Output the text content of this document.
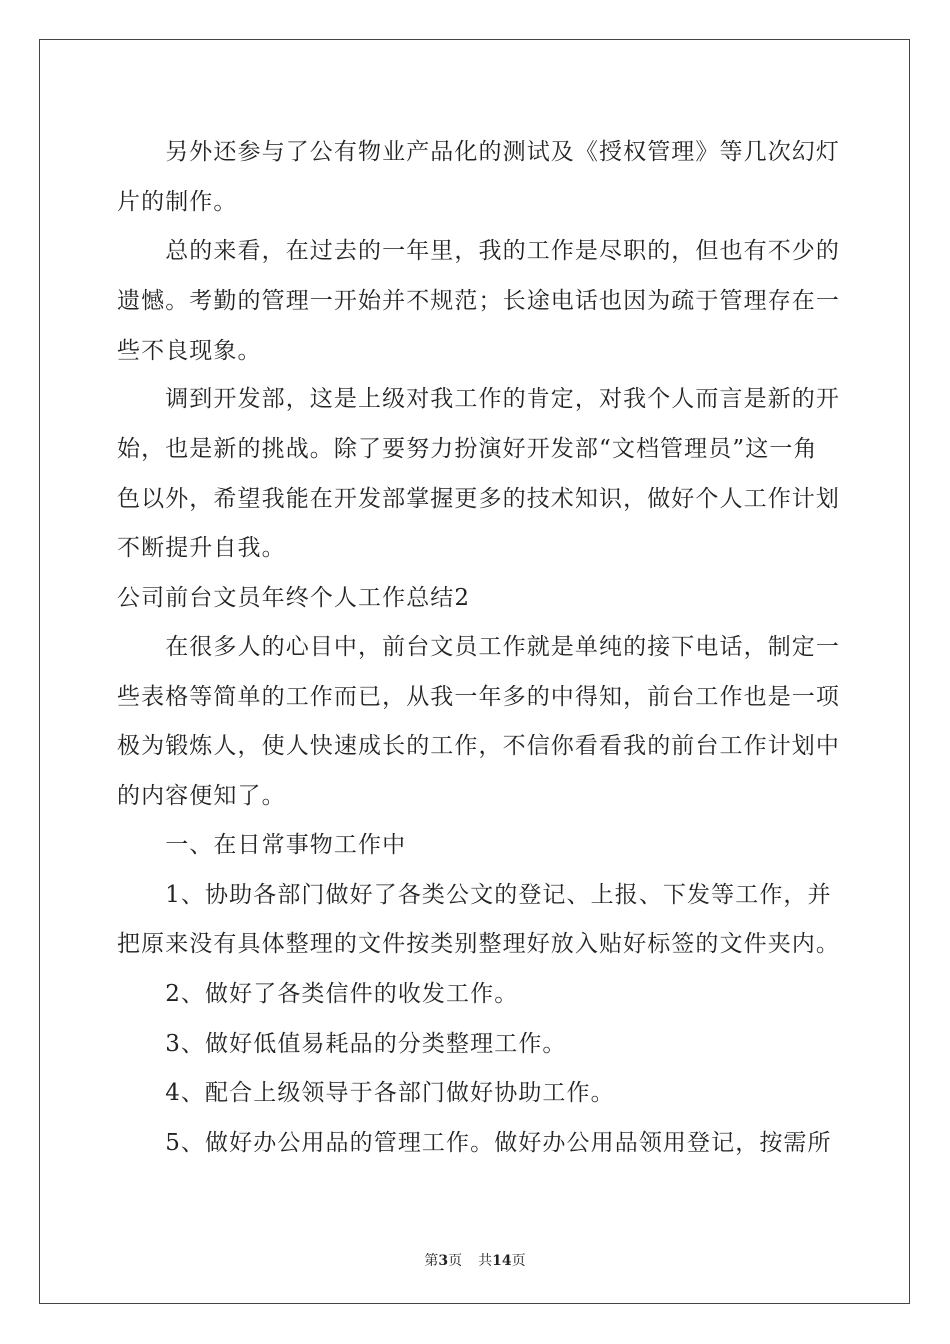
　　另外还参与了公有物业产品化的测试及《授权管理》等几次幻灯
片的制作。
　　总的来看，在过去的一年里，我的工作是尽职的，但也有不少的
遗憾。考勤的管理一开始并不规范；长途电话也因为疏于管理存在一
些不良现象。
　　调到开发部，这是上级对我工作的肯定，对我个人而言是新的开
始，也是新的挑战。除了要努力扮演好开发部“文档管理员”这一角
色以外，希望我能在开发部掌握更多的技术知识，做好个人工作计划
不断提升自我。
公司前台文员年终个人工作总结2
　　在很多人的心目中，前台文员工作就是单纯的接下电话，制定一
些表格等简单的工作而已，从我一年多的中得知，前台工作也是一项
极为锻炼人，使人快速成长的工作，不信你看看我的前台工作计划中
的内容便知了。
　　一、在日常事物工作中
　　1、协助各部门做好了各类公文的登记、上报、下发等工作，并
把原来没有具体整理的文件按类别整理好放入贴好标签的文件夹内。
　　2、做好了各类信件的收发工作。
　　3、做好低值易耗品的分类整理工作。
　　4、配合上级领导于各部门做好协助工作。
　　5、做好办公用品的管理工作。做好办公用品领用登记，按需所
第3页 共14页
